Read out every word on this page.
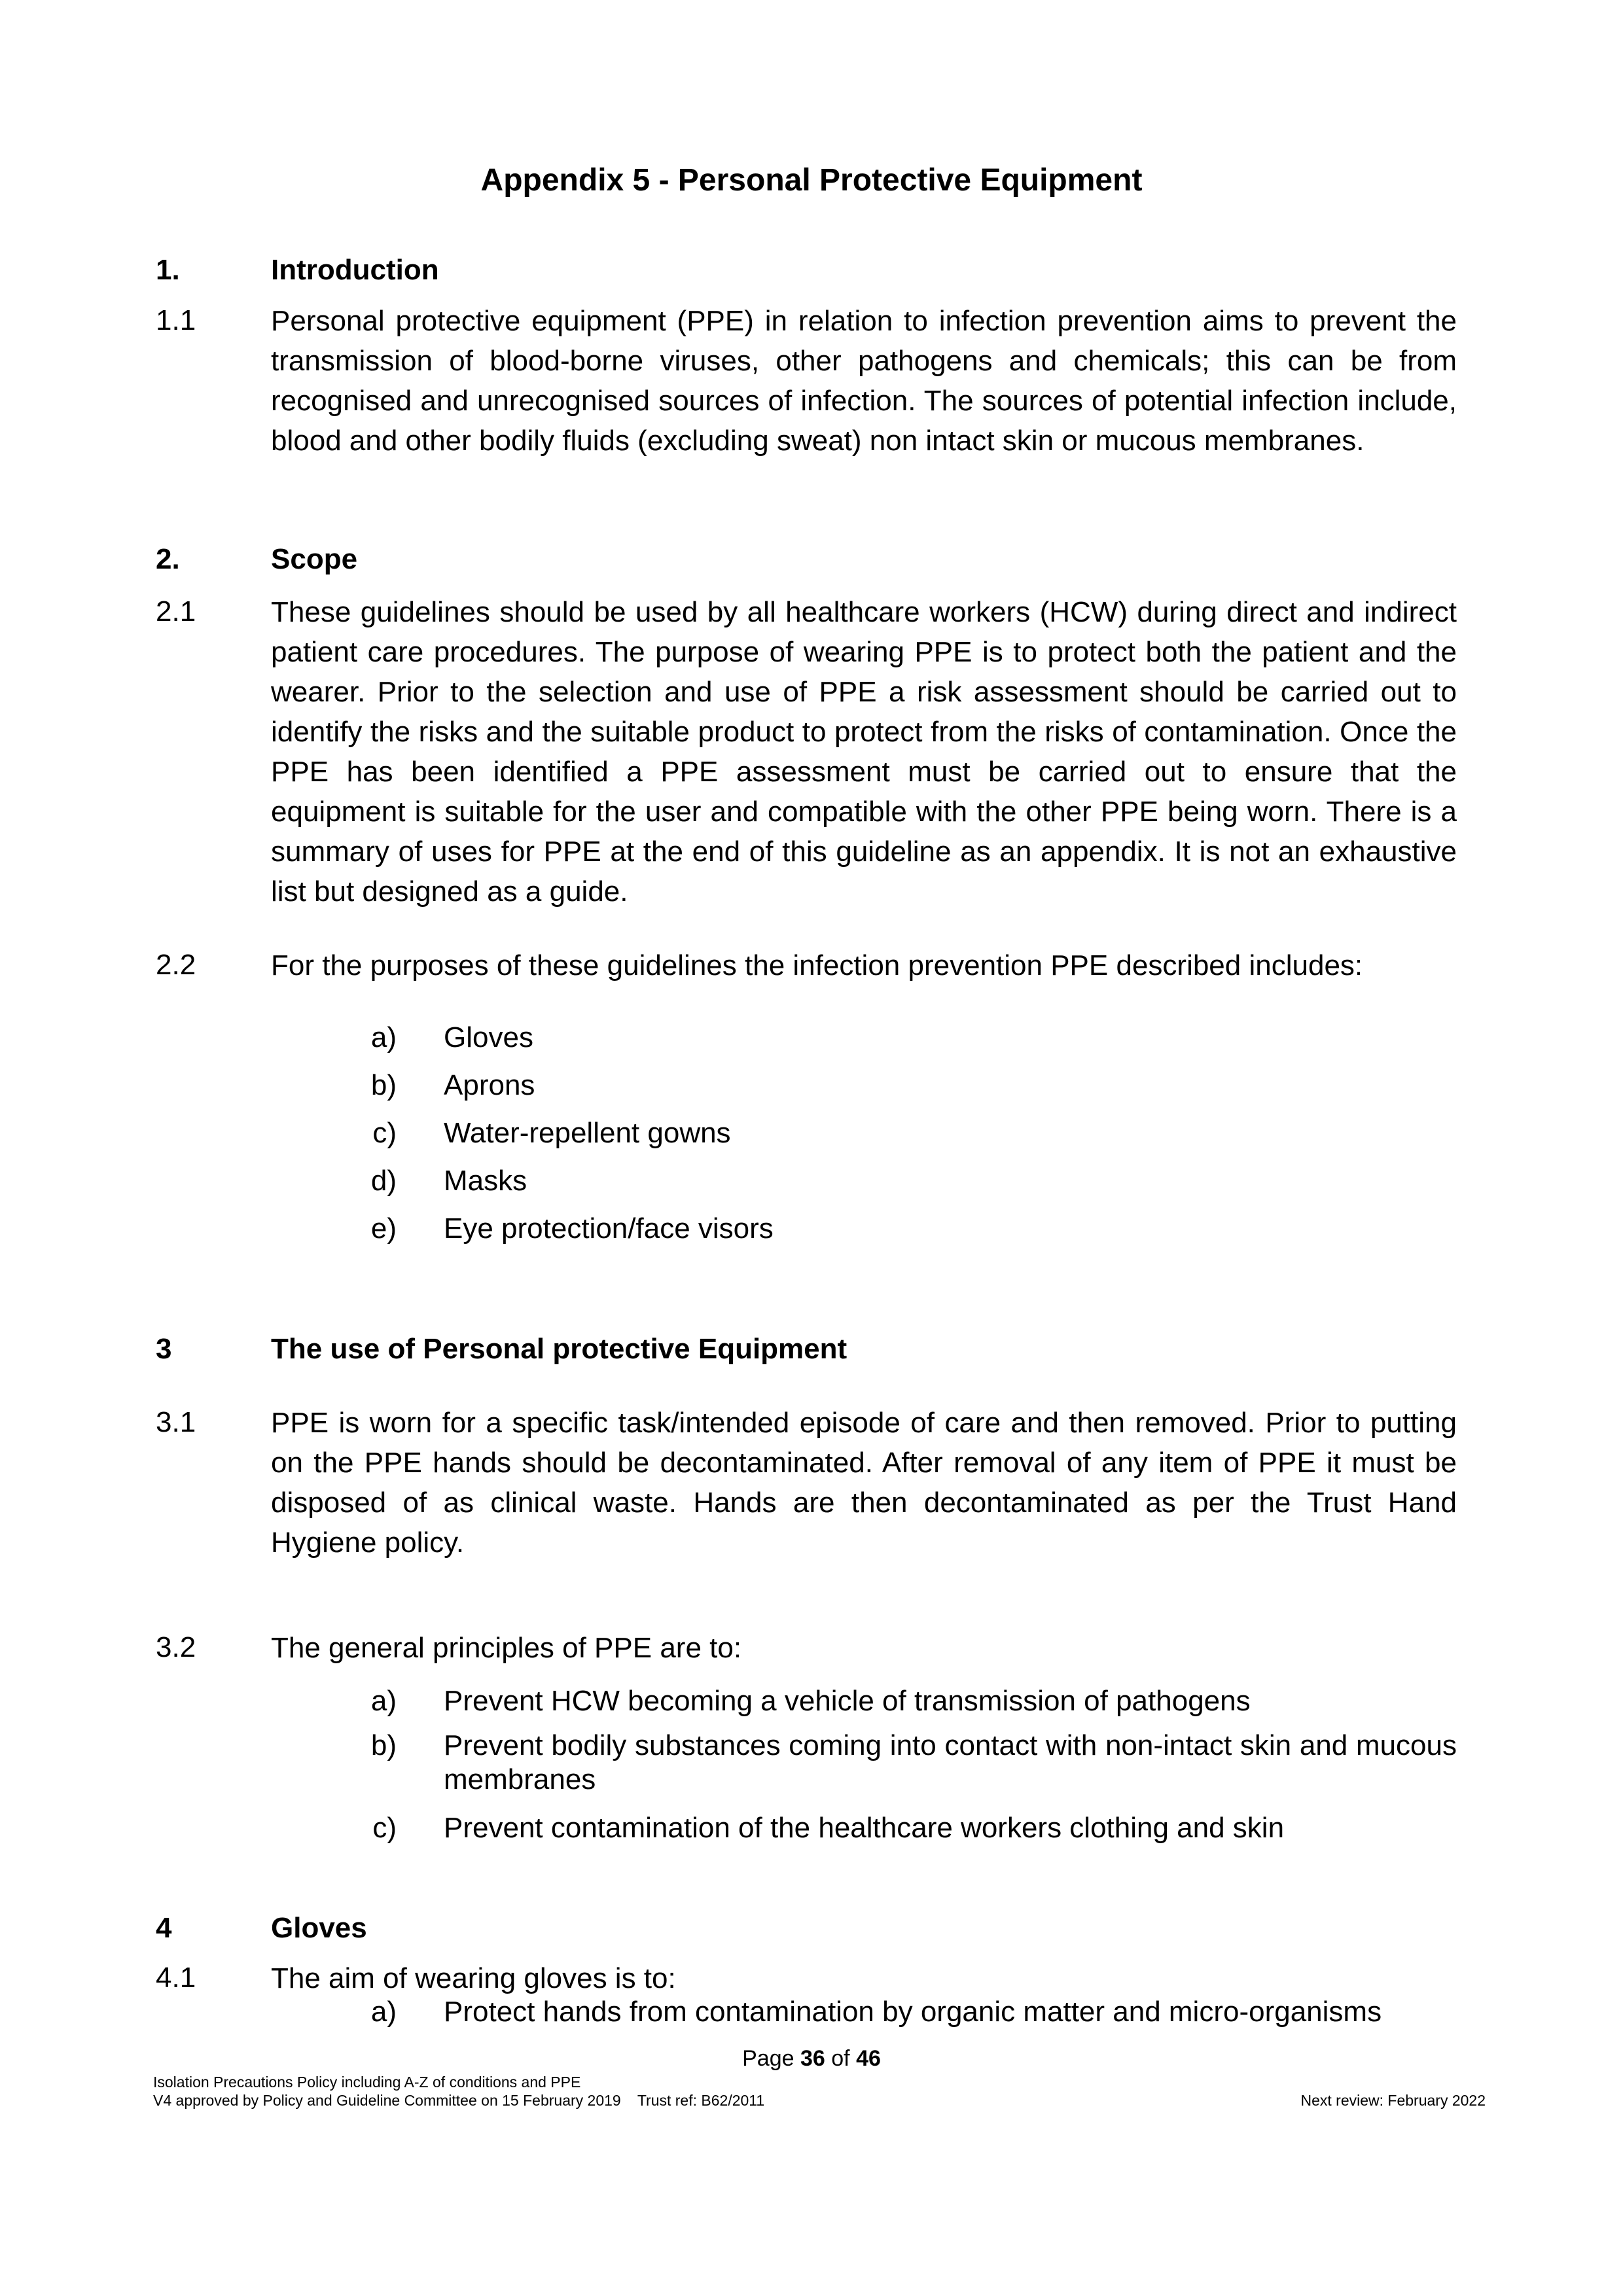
Appendix 5 - Personal Protective Equipment
1.	Introduction
1.1	Personal protective equipment (PPE) in relation to infection prevention aims to prevent the transmission of blood-borne viruses, other pathogens and chemicals; this can be from recognised and unrecognised sources of infection. The sources of potential infection include, blood and other bodily fluids (excluding sweat) non intact skin or mucous membranes.
2.	Scope
2.1	These guidelines should be used by all healthcare workers (HCW) during direct and indirect patient care procedures. The purpose of wearing PPE is to protect both the patient and the wearer. Prior to the selection and use of PPE a risk assessment should be carried out to identify the risks and the suitable product to protect from the risks of contamination. Once the PPE has been identified a PPE assessment must be carried out to ensure that the equipment is suitable for the user and compatible with the other PPE being worn. There is a summary of uses for PPE at the end of this guideline as an appendix. It is not an exhaustive list but designed as a guide.
2.2	For the purposes of these guidelines the infection prevention PPE described includes:
a) Gloves
b) Aprons
c) Water-repellent gowns
d) Masks
e) Eye protection/face visors
3	The use of Personal protective Equipment
3.1	PPE is worn for a specific task/intended episode of care and then removed. Prior to putting on the PPE hands should be decontaminated. After removal of any item of PPE it must be disposed of as clinical waste. Hands are then decontaminated as per the Trust Hand Hygiene policy.
3.2	The general principles of PPE are to:
a) Prevent HCW becoming a vehicle of transmission of pathogens
b) Prevent bodily substances coming into contact with non-intact skin and mucous membranes
c) Prevent contamination of the healthcare workers clothing and skin
4	Gloves
4.1	The aim of wearing gloves is to:
a) Protect hands from contamination by organic matter and micro-organisms
Page 36 of 46
Isolation Precautions Policy including A-Z of conditions and PPE
V4 approved by Policy and Guideline Committee on 15 February 2019    Trust ref: B62/2011	Next review: February 2022
